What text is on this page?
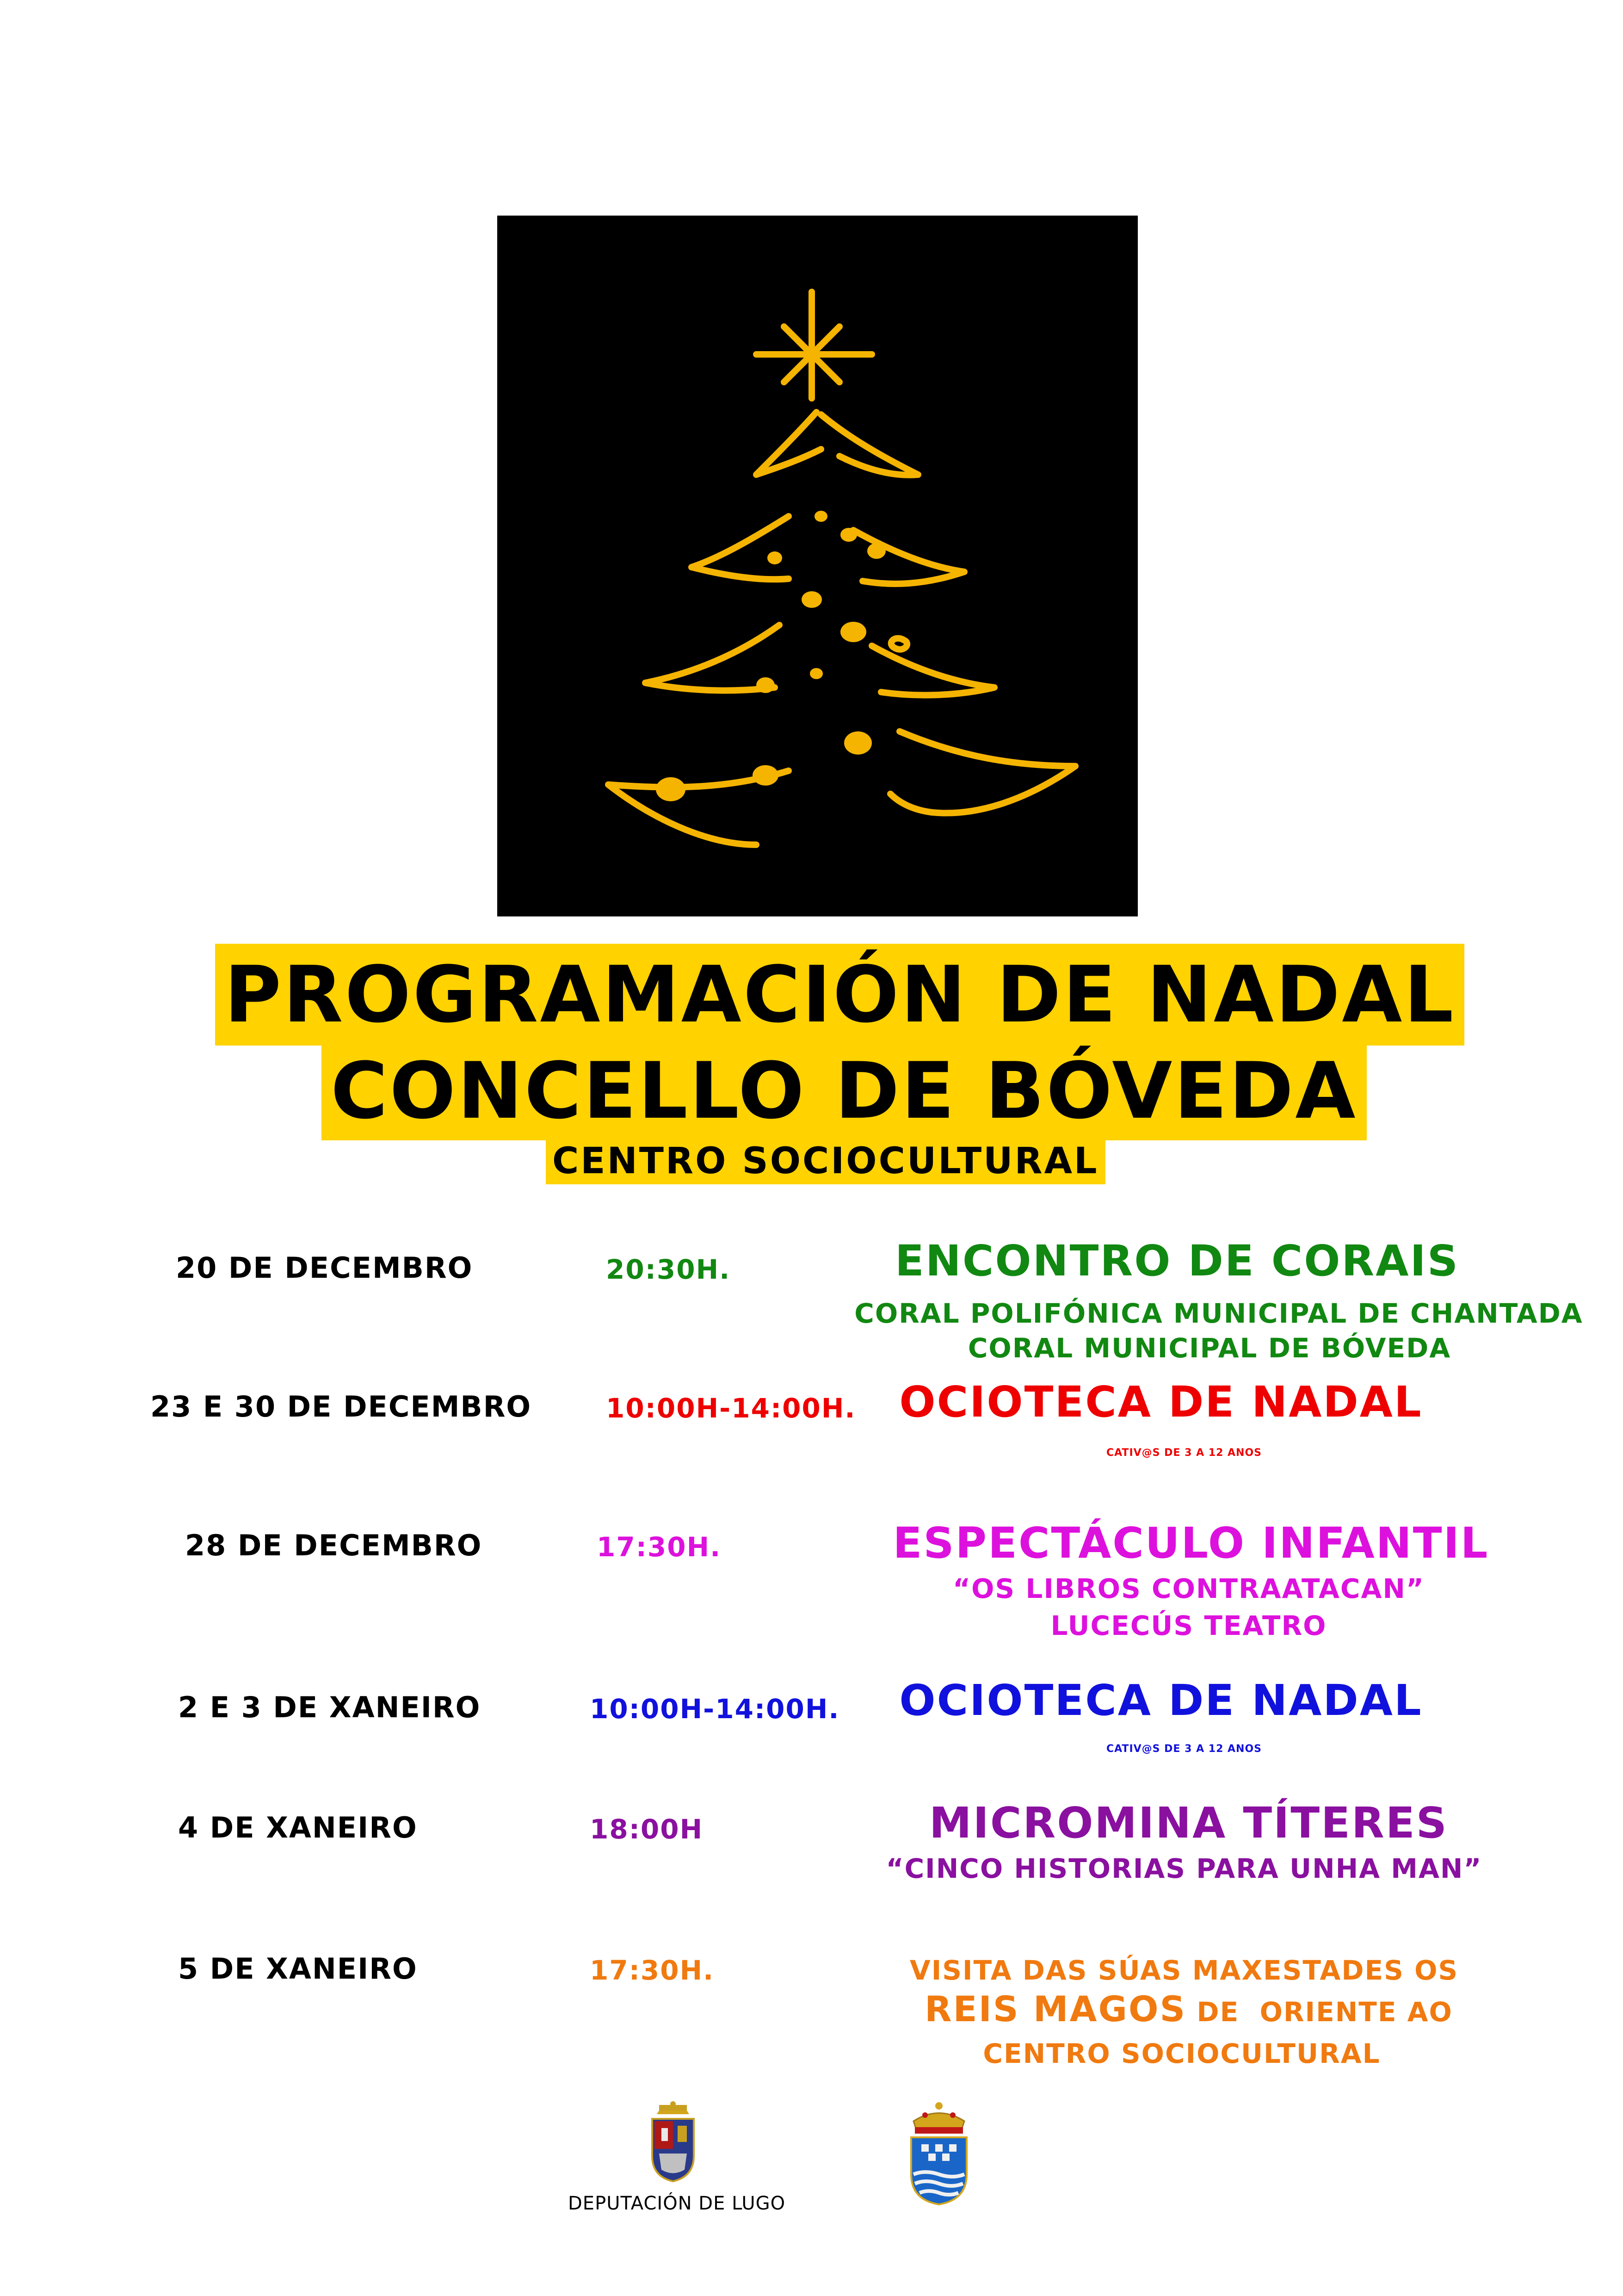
PROGRAMACIÓN DE NADAL
CONCELLO DE BÓVEDA
CENTRO SOCIOCULTURAL
20 DE DECEMBRO	20:30H.	ENCONTRO DE CORAIS
CORAL POLIFÓNICA MUNICIPAL DE CHANTADA
CORAL MUNICIPAL DE BÓVEDA
23 E 30 DE DECEMBRO	10:00H-14:00H. OCIOTECA DE NADAL
CATIV@S DE 3 A 12 ANOS
28 DE DECEMBRO	17:30H.	ESPECTÁCULO INFANTIL
“OS LIBROS CONTRAATACAN”
LUCECÚS TEATRO
2 E 3 DE XANEIRO	10:00H-14:00H. OCIOTECA DE NADAL
CATIV@S DE 3 A 12 ANOS
4 DE XANEIRO	18:00H	MICROMINA TÍTERES
“CINCO HISTORIAS PARA UNHA MAN”
5 DE XANEIRO	17:30H.	VISITA DAS SÚAS MAXESTADES OS
REIS MAGOS DE  ORIENTE AO
CENTRO SOCIOCULTURAL
DEPUTACIÓN DE LUGO
